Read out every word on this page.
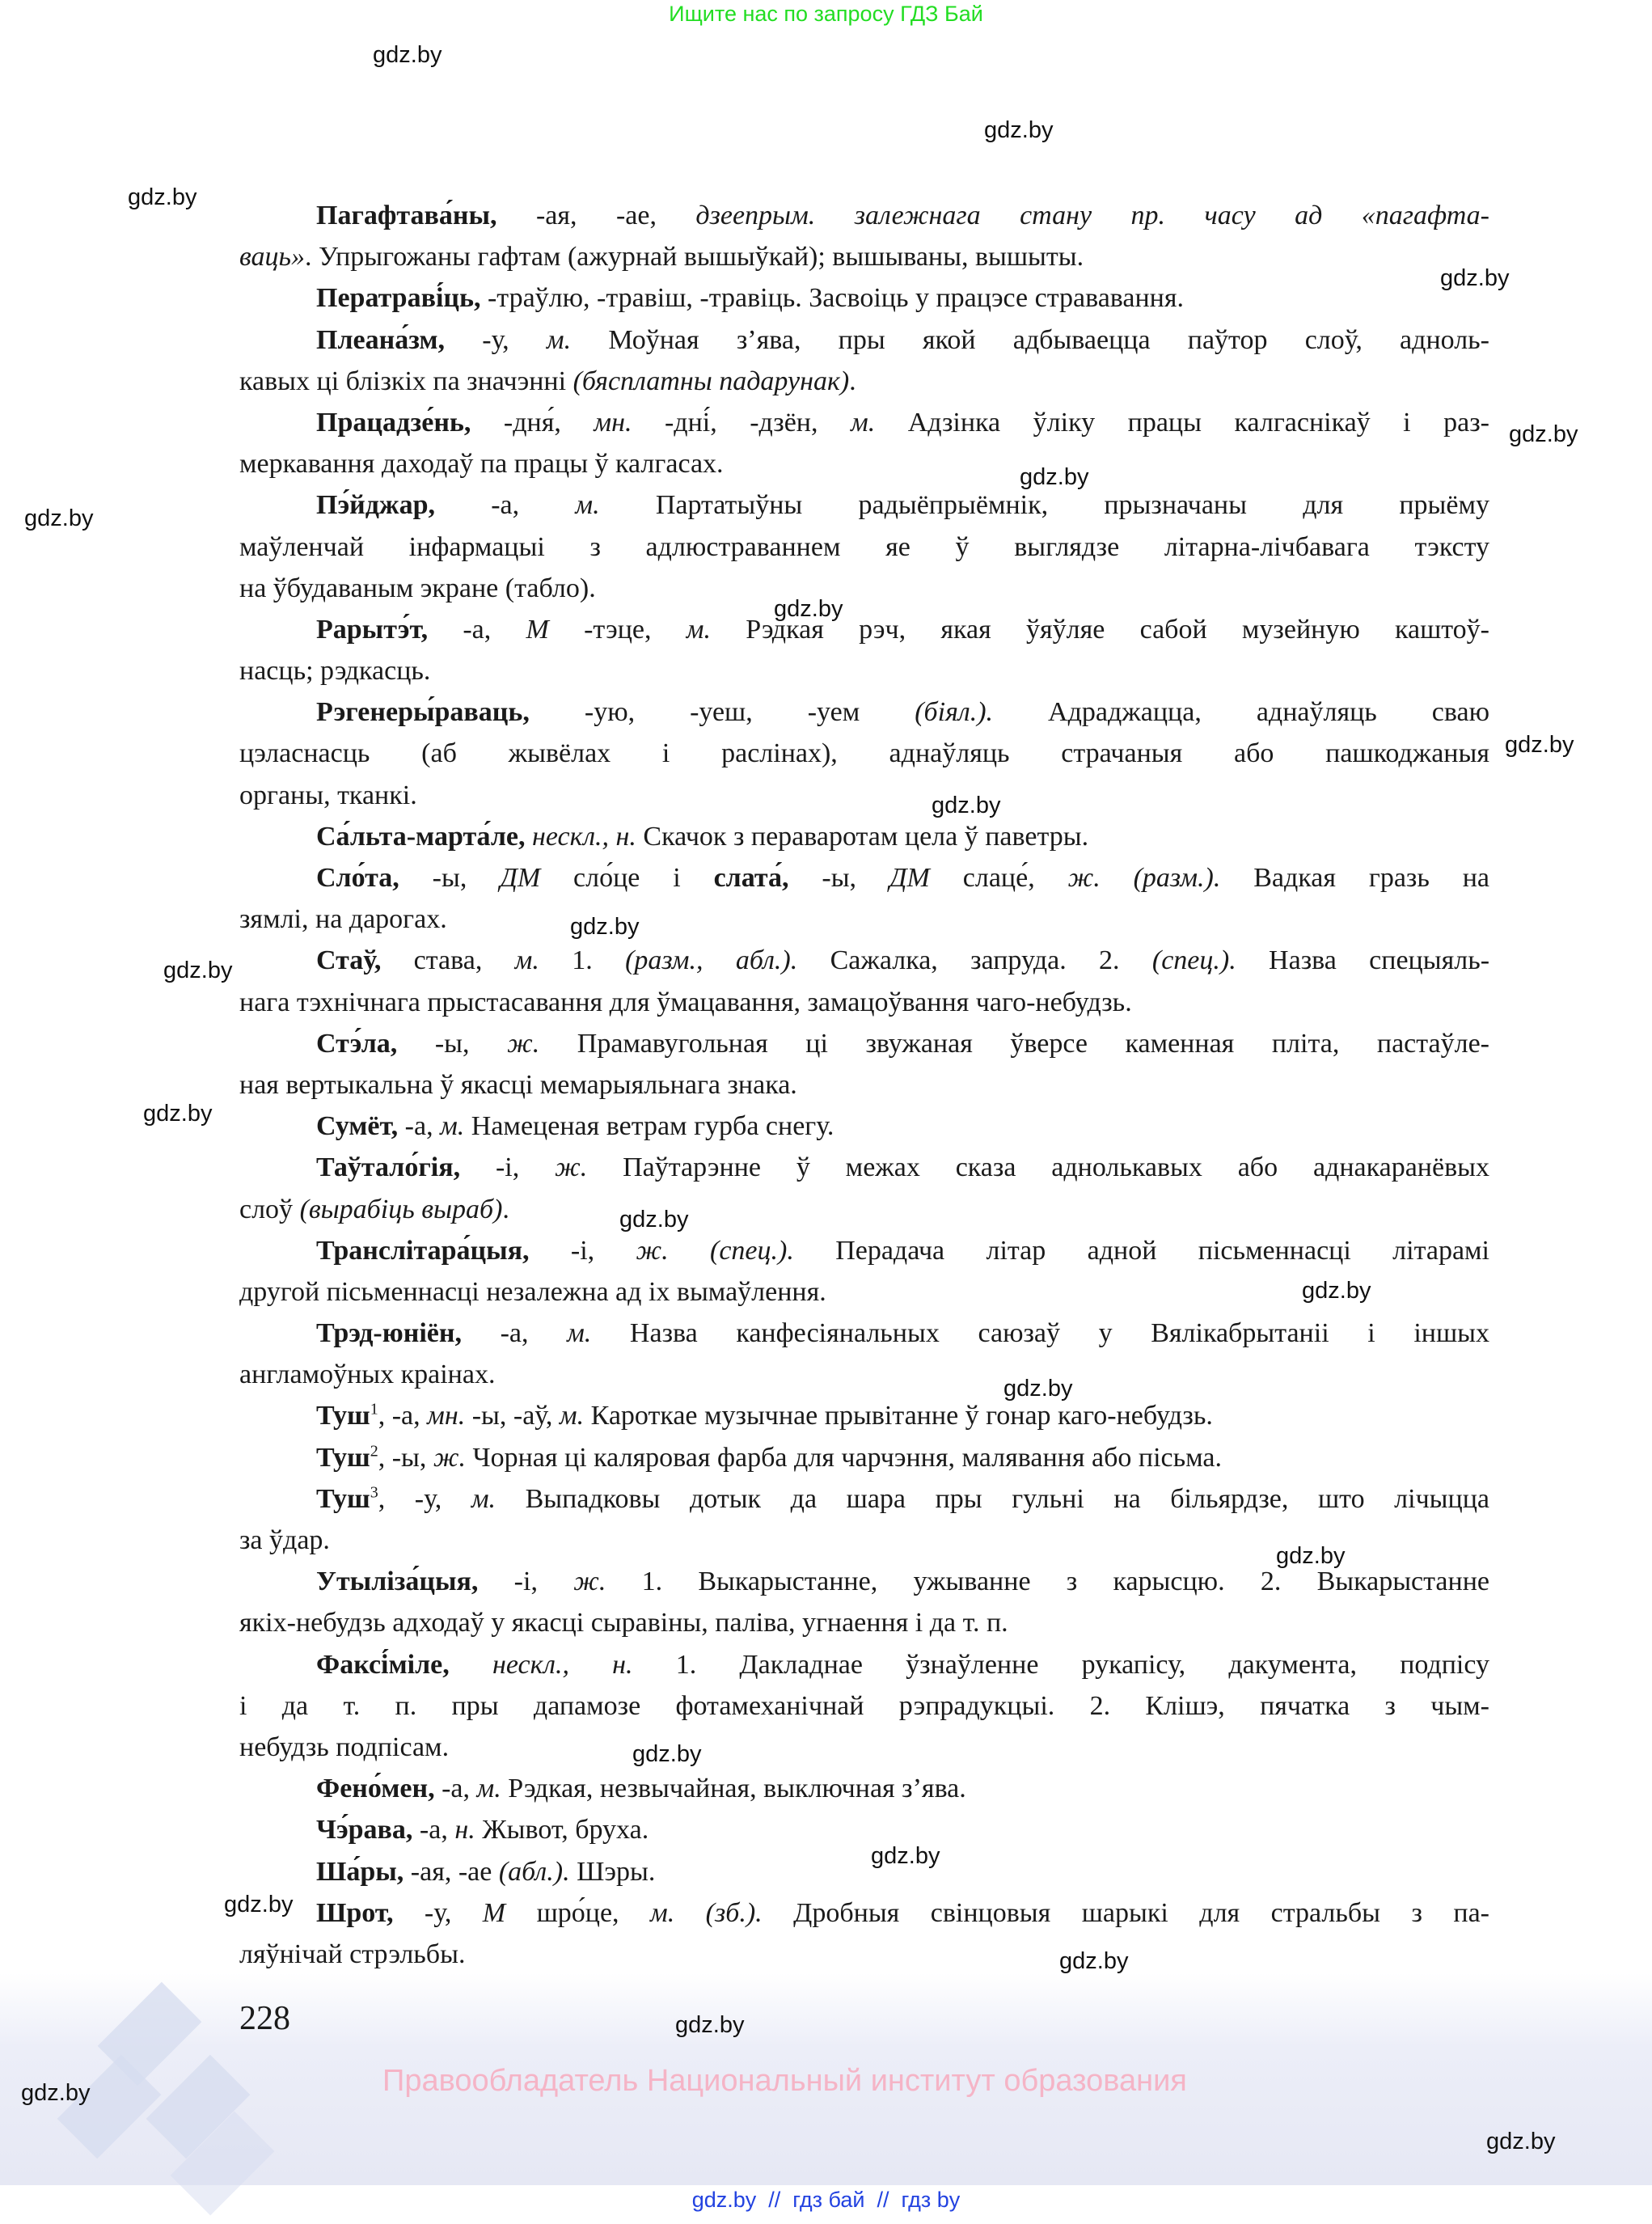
Ищите нас по запросу ГДЗ Бай
Пагафтава́ны, -ая, -ае, дзеепрым. залежнага стану пр. часу ад «пагафта-
ваць». Упрыгожаны гафтам (ажурнай вышыўкай); вышываны, вышыты.
Ператраві́ць, -траўлю, -травіш, -травіць. Засвоіць у працэсе стрававання.
Плеана́зм, -у, м. Моўная з’ява, пры якой адбываецца паўтор слоў, адноль-
кавых ці блізкіх па значэнні (бясплатны падарунак).
Працадзе́нь, -дня́, мн. -дні́, -дзён, м. Адзінка ўліку працы калгаснікаў і раз-
меркавання даходаў па працы ў калгасах.
Пэ́йджар, -а, м. Партатыўны радыёпрыёмнік, прызначаны для прыёму
маўленчай інфармацыі з адлюстраваннем яе ў выглядзе літарна-лічбавага тэксту
на ўбудаваным экране (табло).
Рарытэ́т, -а, М -тэце, м. Рэдкая рэч, якая ўяўляе сабой музейную каштоў-
насць; рэдкасць.
Рэгенеры́раваць, -ую, -уеш, -уем (біял.). Адраджацца, аднаўляць сваю
цэласнасць (аб жывёлах і раслінах), аднаўляць страчаныя або пашкоджаныя
органы, тканкі.
Са́льта-марта́ле, нескл., н. Скачок з пераваротам цела ў паветры.
Сло́та, -ы, ДМ сло́це і слата́, -ы, ДМ слаце́, ж. (разм.). Вадкая гразь на
зямлі, на дарогах.
Стаў, става, м. 1. (разм., абл.). Сажалка, запруда. 2. (спец.). Назва спецыяль-
нага тэхнічнага прыстасавання для ўмацавання, замацоўвання чаго-небудзь.
Стэ́ла, -ы, ж. Прамавугольная ці звужаная ўверсе каменная пліта, пастаўле-
ная вертыкальна ў якасці мемарыяльнага знака.
Сумёт, -а, м. Намеценая ветрам гурба снегу.
Таўтало́гія, -і, ж. Паўтарэнне ў межах сказа аднолькавых або аднакаранёвых
слоў (вырабіць выраб).
Транслітара́цыя, -і, ж. (спец.). Перадача літар адной пісьменнасці літарамі
другой пісьменнасці незалежна ад іх вымаўлення.
Трэд-юніён, -а, м. Назва канфесіянальных саюзаў у Вялікабрытаніі і іншых
англамоўных краінах.
Туш$^1$, -а, мн. -ы, -аў, м. Кароткае музычнае прывітанне ў гонар каго-небудзь.
Туш$^2$, -ы, ж. Чорная ці каляровая фарба для чарчэння, малявання або пісьма.
Туш$^3$, -у, м. Выпадковы дотык да шара пры гульні на більярдзе, што лічыцца
за ўдар.
Утылiза́цыя, -і, ж. 1. Выкарыстанне, ужыванне з карысцю. 2. Выкарыстанне
якіх-небудзь адходаў у якасці сыравіны, паліва, угнаення і да т. п.
Факсі́міле, нескл., н. 1. Дакладнае ўзнаўленне рукапісу, дакумента, подпісу
і да т. п. пры дапамозе фотамеханічнай рэпрадукцыі. 2. Клішэ, пячатка з чым-
небудзь подпісам.
Фено́мен, -а, м. Рэдкая, незвычайная, выключная з’ява.
Чэ́рава, -а, н. Жывот, бруха.
Ша́ры, -ая, -ае (абл.). Шэры.
Шрот, -у, М шро́це, м. (зб.). Дробныя свінцовыя шарыкі для стральбы з па-
ляўнічай стрэльбы.
228
Правообладатель Национальный институт образования
gdz.by
gdz.by
gdz.by
gdz.by
gdz.by
gdz.by
gdz.by
gdz.by
gdz.by
gdz.by
gdz.by
gdz.by
gdz.by
gdz.by
gdz.by
gdz.by
gdz.by
gdz.by
gdz.by
gdz.by
gdz.by
gdz.by
gdz.by
gdz.by
gdz.by  //  гдз бай  //  гдз by
